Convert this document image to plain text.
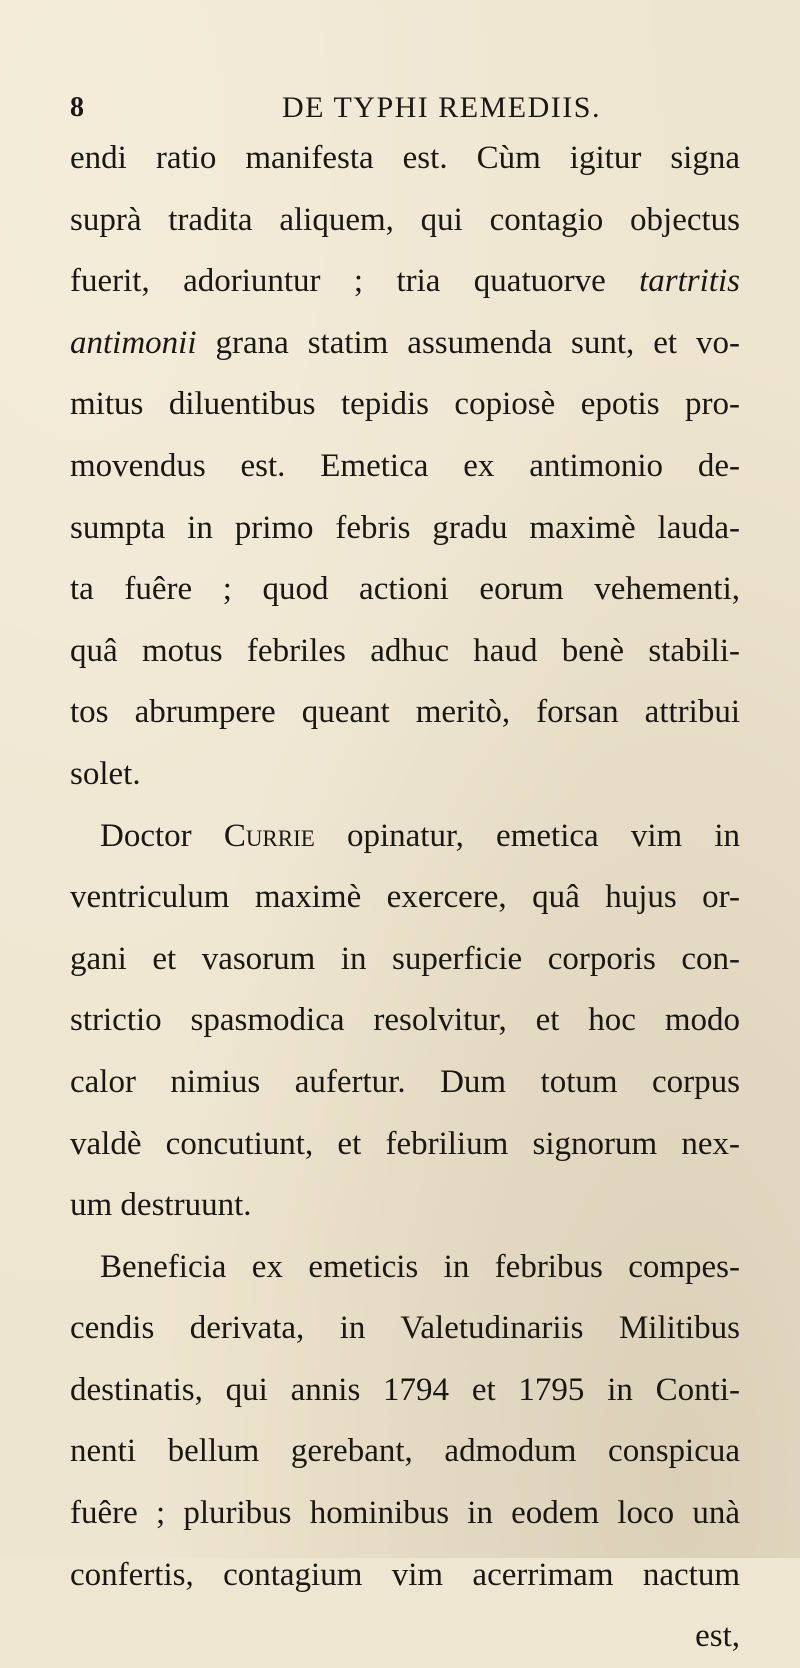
8	DE TYPHI REMEDIIS.
endi ratio manifesta est. Cùm igitur signa
suprà tradita aliquem, qui contagio objectus
fuerit, adoriuntur ; tria quatuorve tartritis
antimonii grana statim assumenda sunt, et vo-
mitus diluentibus tepidis copiosè epotis pro-
movendus est. Emetica ex antimonio de-
sumpta in primo febris gradu maximè lauda-
ta fuêre ; quod actioni eorum vehementi,
quâ motus febriles adhuc haud benè stabili-
tos abrumpere queant meritò, forsan attribui
solet.
Doctor Currie opinatur, emetica vim in
ventriculum maximè exercere, quâ hujus or-
gani et vasorum in superficie corporis con-
strictio spasmodica resolvitur, et hoc modo
calor nimius aufertur. Dum totum corpus
valdè concutiunt, et febrilium signorum nex-
um destruunt.
Beneficia ex emeticis in febribus compes-
cendis derivata, in Valetudinariis Militibus
destinatis, qui annis 1794 et 1795 in Conti-
nenti bellum gerebant, admodum conspicua
fuêre ; pluribus hominibus in eodem loco unà
confertis, contagium vim acerrimam nactum
est,
